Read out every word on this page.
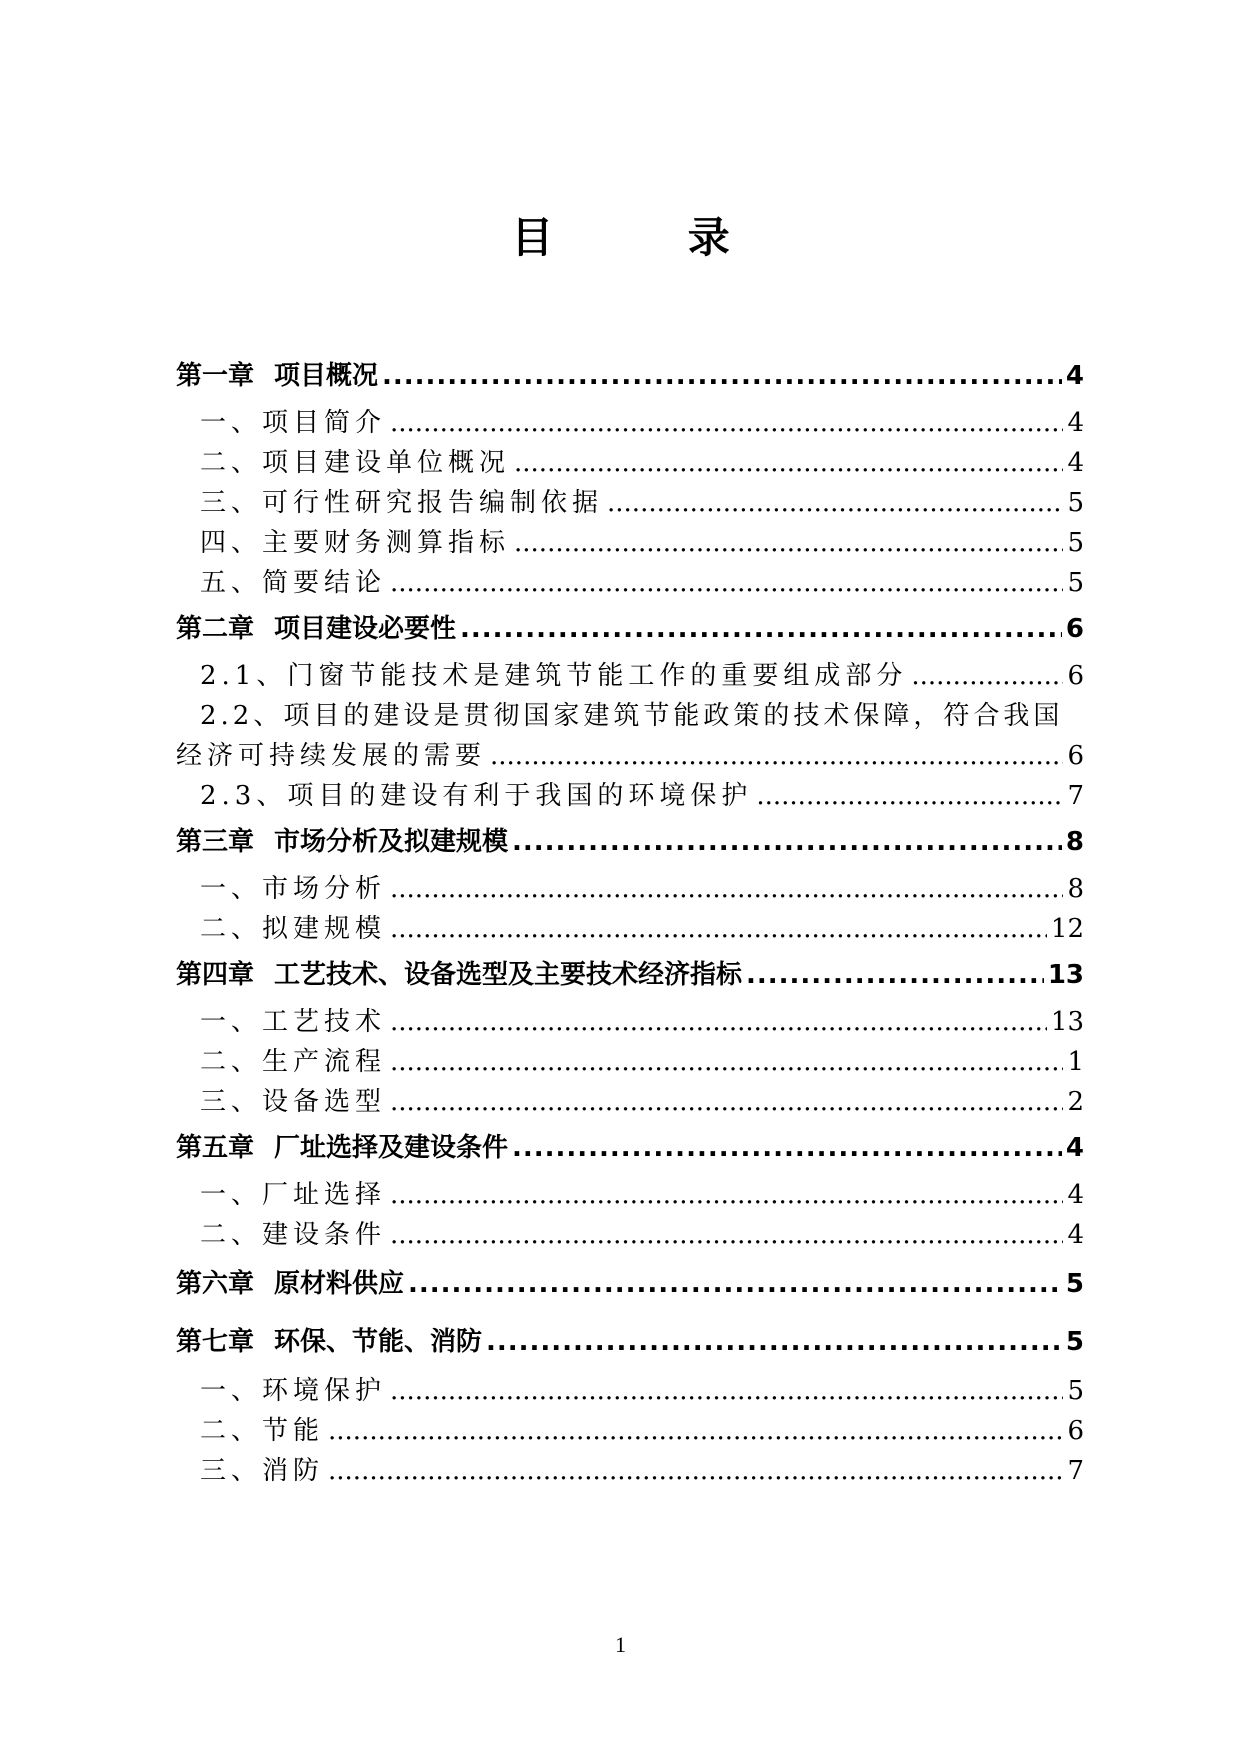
目 录
第一章 项目概况 .....	4
一、项目简介 .....	4
二、项目建设单位概况 .....	4
三、可行性研究报告编制依据 .....	5
四、主要财务测算指标 .....	5
五、简要结论 .....	5
第二章 项目建设必要性 .....	6
2.1、门窗节能技术是建筑节能工作的重要组成部分 .....	6
2.2、项目的建设是贯彻国家建筑节能政策的技术保障，符合我国
经济可持续发展的需要 .....	6
2.3、项目的建设有利于我国的环境保护 .....	7
第三章 市场分析及拟建规模 .....	8
一、市场分析 .....	8
二、拟建规模 .....	12
第四章 工艺技术、设备选型及主要技术经济指标 .....	13
一、工艺技术 .....	13
二、生产流程 .....	1
三、设备选型 .....	2
第五章 厂址选择及建设条件 .....	4
一、厂址选择 .....	4
二、建设条件 .....	4
第六章 原材料供应 .....	5
第七章 环保、节能、消防 .....	5
一、环境保护 .....	5
二、节能 .....	6
三、消防 .....	7
1
